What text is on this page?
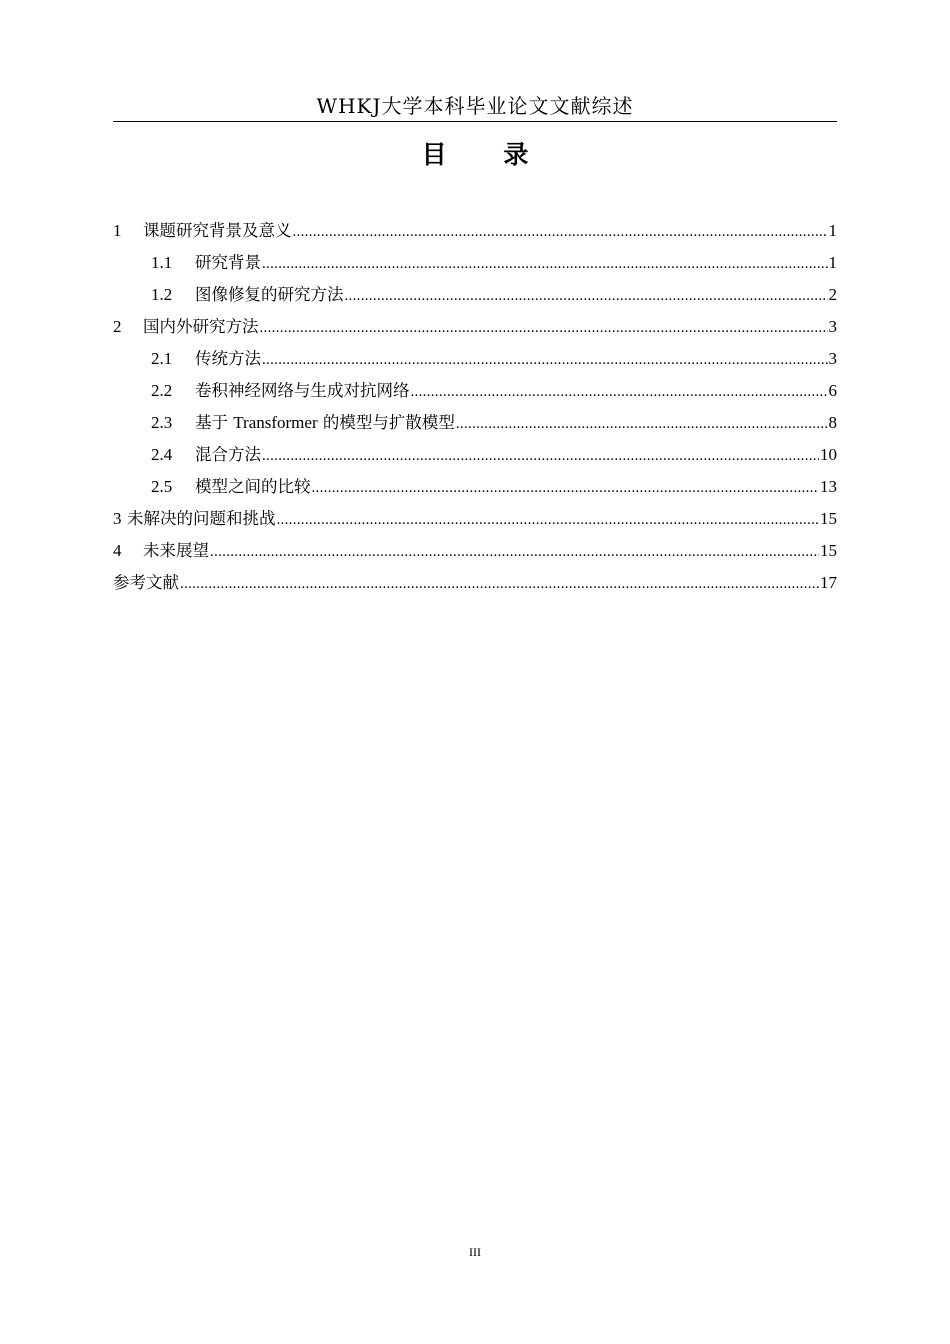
WHKJ大学本科毕业论文文献综述
目 录
1	课题研究背景及意义 .....	1
1.1	研究背景 .....	1
1.2	图像修复的研究方法 .....	2
2	国内外研究方法 .....	3
2.1	传统方法 .....	3
2.2	卷积神经网络与生成对抗网络 .....	6
2.3	基于 Transformer 的模型与扩散模型 .....	8
2.4	混合方法 .....	10
2.5	模型之间的比较 .....	13
3 未解决的问题和挑战 .....	15
4	未来展望 .....	15
参考文献 .....	17
III
